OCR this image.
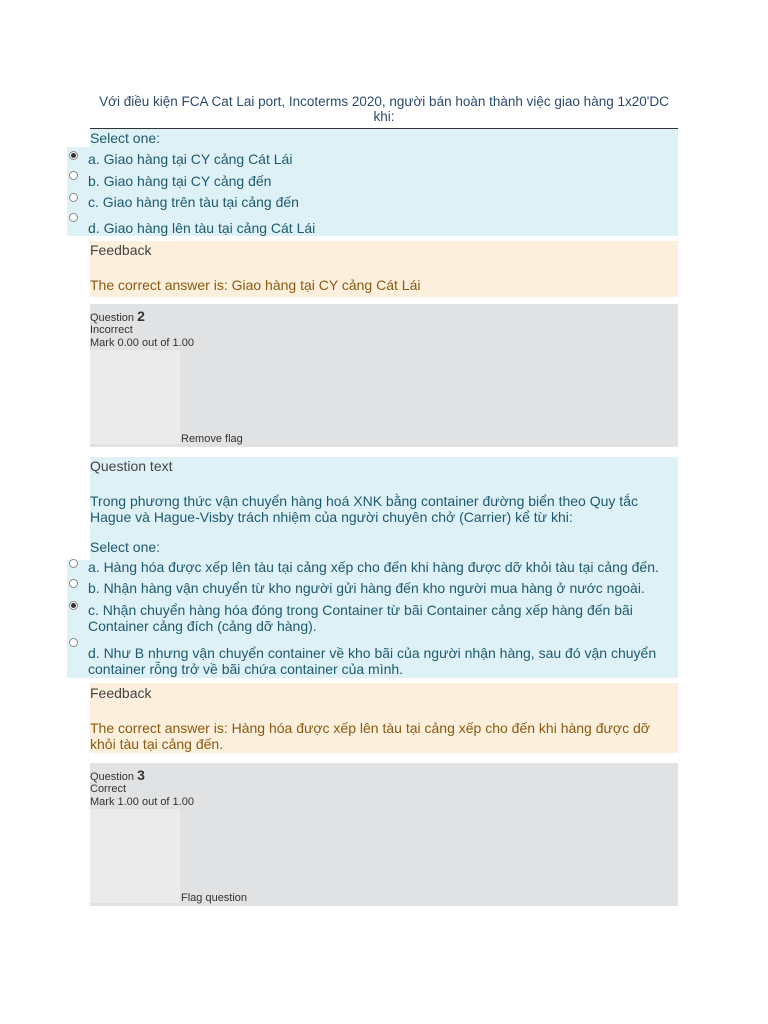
Với điều kiện FCA Cat Lai port, Incoterms 2020, người bán hoàn thành việc giao hàng 1x20'DC khi:
Select one:
a. Giao hàng tại CY cảng Cát Lái
b. Giao hàng tại CY cảng đến
c. Giao hàng trên tàu tại cảng đến
d. Giao hàng lên tàu tại cảng Cát Lái
Feedback
The correct answer is: Giao hàng tại CY cảng Cát Lái
Question 2
Incorrect
Mark 0.00 out of 1.00
Remove flag
Question text
Trong phương thức vận chuyển hàng hoá XNK bằng container đường biển theo Quy tắc Hague và Hague-Visby trách nhiệm của người chuyên chở (Carrier) kể từ khi:
Select one:
a. Hàng hóa được xếp lên tàu tại cảng xếp cho đến khi hàng được dỡ khỏi tàu tại cảng đến.
b. Nhận hàng vận chuyển từ kho người gửi hàng đến kho người mua hàng ở nước ngoài.
c. Nhận chuyển hàng hóa đóng trong Container từ bãi Container cảng xếp hàng đến bãi Container cảng đích (cảng dỡ hàng).
d. Như B nhưng vận chuyển container về kho bãi của người nhận hàng, sau đó vận chuyển container rỗng trở về bãi chứa container của mình.
Feedback
The correct answer is: Hàng hóa được xếp lên tàu tại cảng xếp cho đến khi hàng được dỡ khỏi tàu tại cảng đến.
Question 3
Correct
Mark 1.00 out of 1.00
Flag question
